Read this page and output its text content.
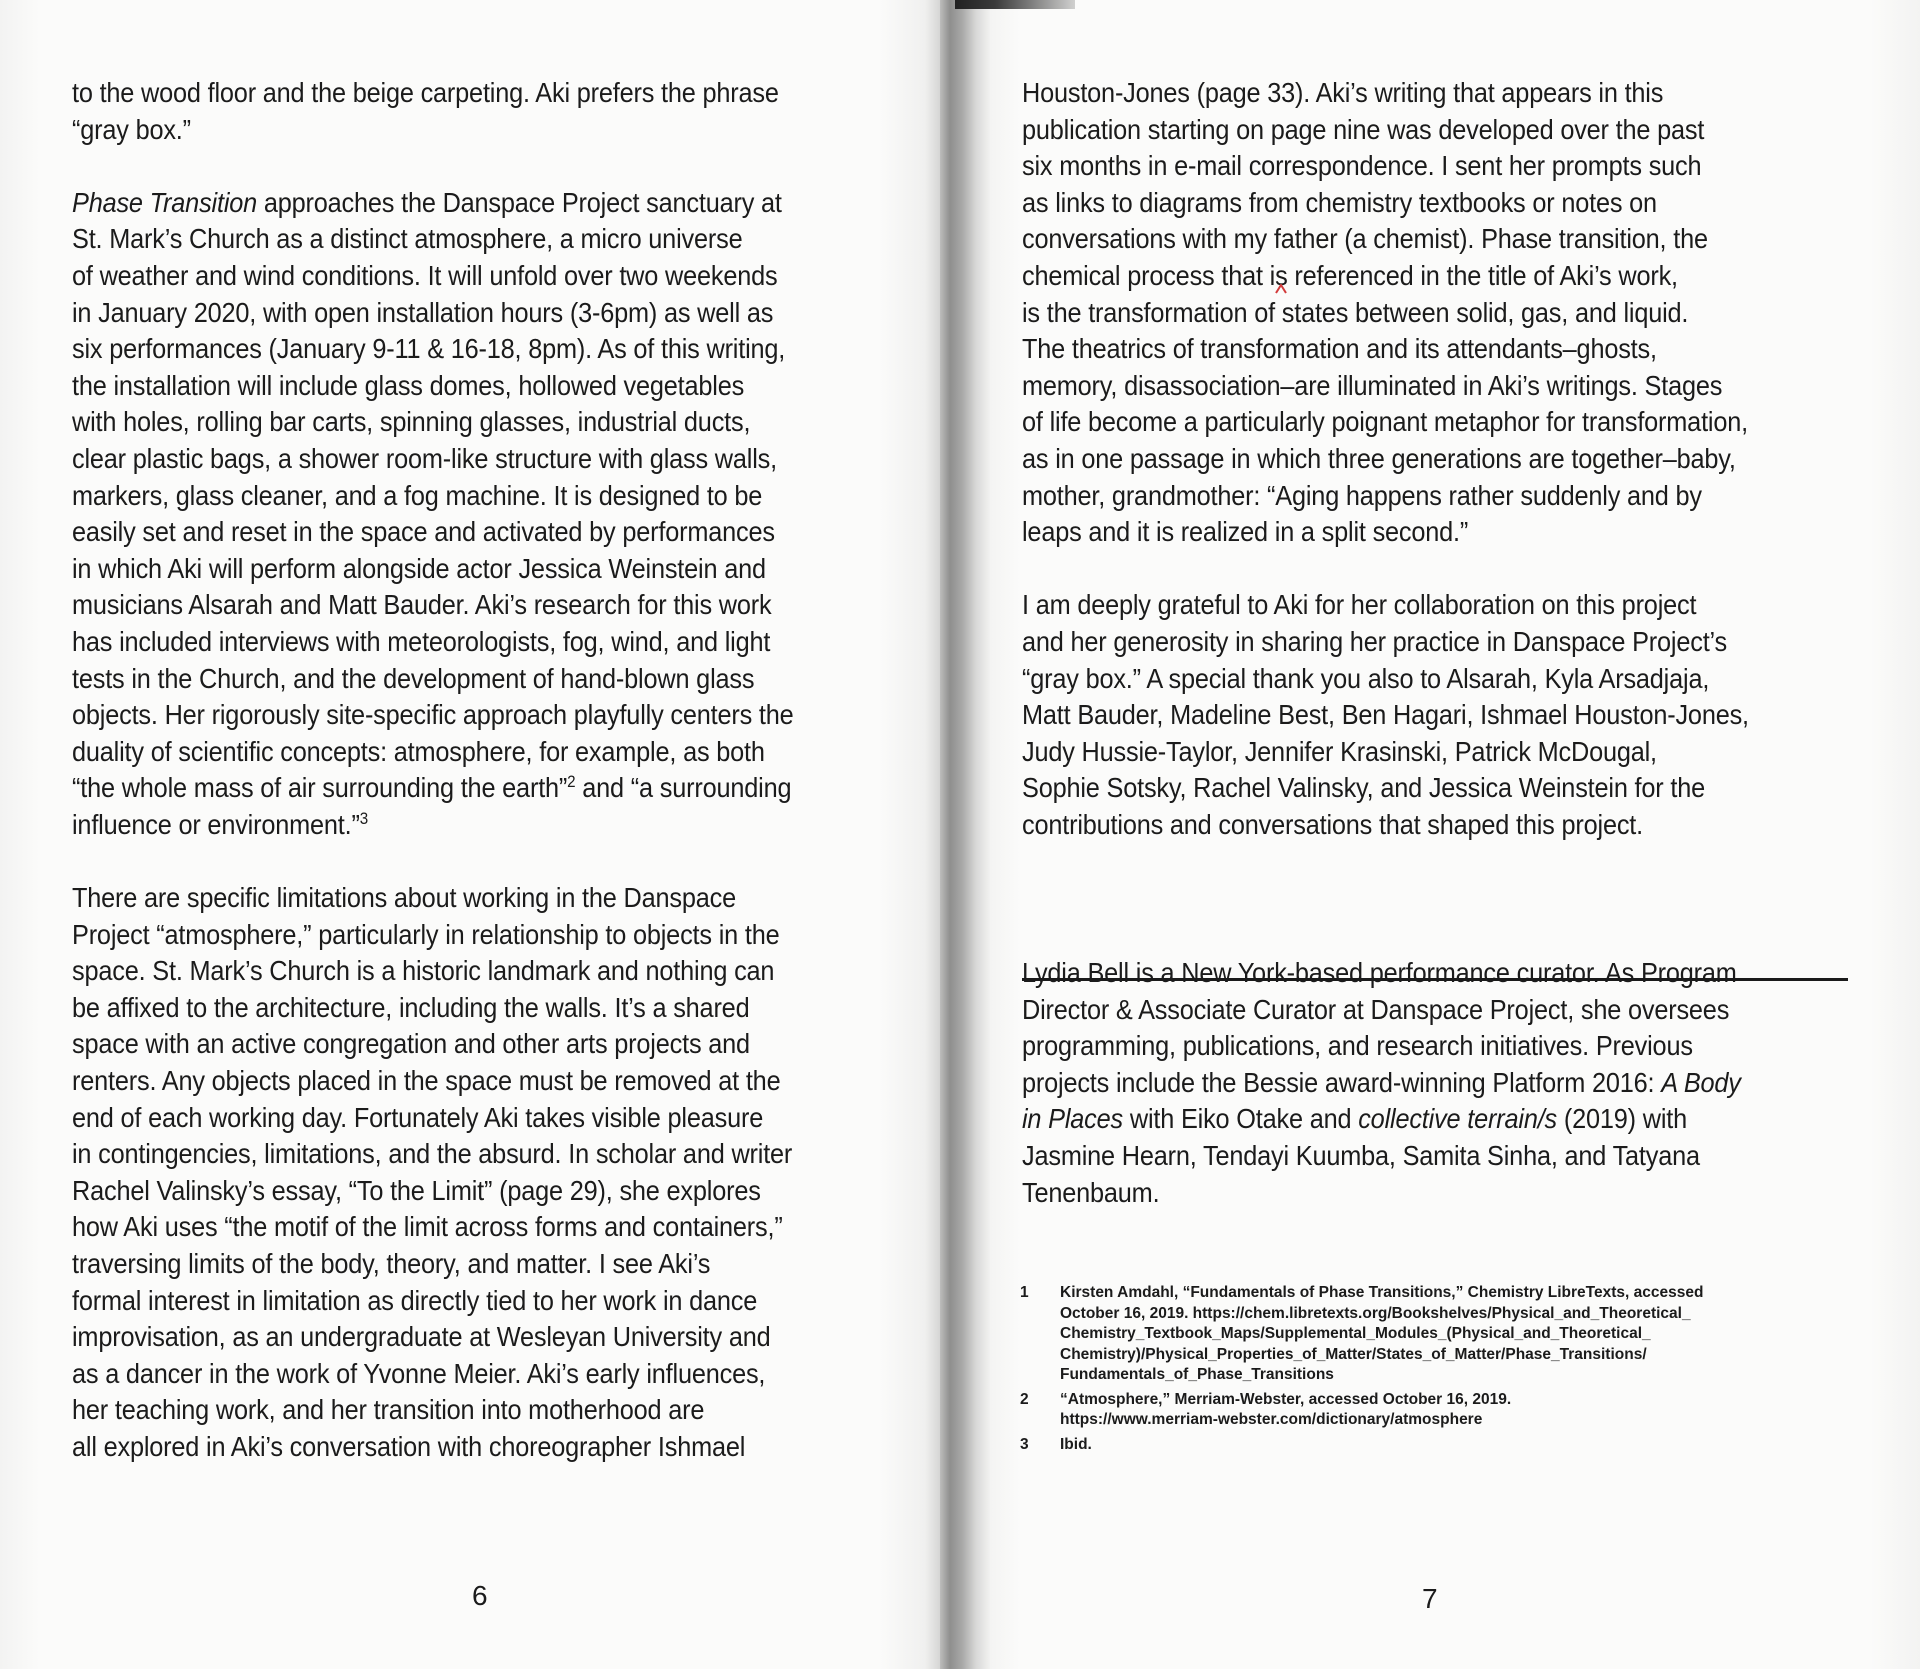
to the wood floor and the beige carpeting. Aki prefers the phrase
“gray box.”

Phase Transition approaches the Danspace Project sanctuary at
St. Mark’s Church as a distinct atmosphere, a micro universe
of weather and wind conditions. It will unfold over two weekends
in January 2020, with open installation hours (3-6pm) as well as
six performances (January 9-11 & 16-18, 8pm). As of this writing,
the installation will include glass domes, hollowed vegetables
with holes, rolling bar carts, spinning glasses, industrial ducts,
clear plastic bags, a shower room-like structure with glass walls,
markers, glass cleaner, and a fog machine. It is designed to be
easily set and reset in the space and activated by performances
in which Aki will perform alongside actor Jessica Weinstein and
musicians Alsarah and Matt Bauder. Aki’s research for this work
has included interviews with meteorologists, fog, wind, and light
tests in the Church, and the development of hand-blown glass
objects. Her rigorously site-specific approach playfully centers the
duality of scientific concepts: atmosphere, for example, as both
“the whole mass of air surrounding the earth”$^2$ and “a surrounding
influence or environment.”$^3$

There are specific limitations about working in the Danspace
Project “atmosphere,” particularly in relationship to objects in the
space. St. Mark’s Church is a historic landmark and nothing can
be affixed to the architecture, including the walls. It’s a shared
space with an active congregation and other arts projects and
renters. Any objects placed in the space must be removed at the
end of each working day. Fortunately Aki takes visible pleasure
in contingencies, limitations, and the absurd. In scholar and writer
Rachel Valinsky’s essay, “To the Limit” (page 29), she explores
how Aki uses “the motif of the limit across forms and containers,”
traversing limits of the body, theory, and matter. I see Aki’s
formal interest in limitation as directly tied to her work in dance
improvisation, as an undergraduate at Wesleyan University and
as a dancer in the work of Yvonne Meier. Aki’s early influences,
her teaching work, and her transition into motherhood are
all explored in Aki’s conversation with choreographer Ishmael

6

Houston-Jones (page 33). Aki’s writing that appears in this
publication starting on page nine was developed over the past
six months in e-mail correspondence. I sent her prompts such
as links to diagrams from chemistry textbooks or notes on
conversations with my father (a chemist). Phase transition, the
chemical process that is referenced in the title of Aki’s work,
is the transformation of states between solid, gas, and liquid.
The theatrics of transformation and its attendants–ghosts,
memory, disassociation–are illuminated in Aki’s writings. Stages
of life become a particularly poignant metaphor for transformation,
as in one passage in which three generations are together–baby,
mother, grandmother: “Aging happens rather suddenly and by
leaps and it is realized in a split second.”

I am deeply grateful to Aki for her collaboration on this project
and her generosity in sharing her practice in Danspace Project’s
“gray box.” A special thank you also to Alsarah, Kyla Arsadjaja,
Matt Bauder, Madeline Best, Ben Hagari, Ishmael Houston-Jones,
Judy Hussie-Taylor, Jennifer Krasinski, Patrick McDougal,
Sophie Sotsky, Rachel Valinsky, and Jessica Weinstein for the
contributions and conversations that shaped this project.

Lydia Bell is a New York-based performance curator. As Program
Director & Associate Curator at Danspace Project, she oversees
programming, publications, and research initiatives. Previous
projects include the Bessie award-winning Platform 2016: A Body
in Places with Eiko Otake and collective terrain/s (2019) with
Jasmine Hearn, Tendayi Kuumba, Samita Sinha, and Tatyana
Tenenbaum.

1	Kirsten Amdahl, “Fundamentals of Phase Transitions,” Chemistry LibreTexts, accessed
October 16, 2019. https://chem.libretexts.org/Bookshelves/Physical_and_Theoretical_
Chemistry_Textbook_Maps/Supplemental_Modules_(Physical_and_Theoretical_
Chemistry)/Physical_Properties_of_Matter/States_of_Matter/Phase_Transitions/
Fundamentals_of_Phase_Transitions
2	“Atmosphere,” Merriam-Webster, accessed October 16, 2019.
https://www.merriam-webster.com/dictionary/atmosphere
3	Ibid.
7
